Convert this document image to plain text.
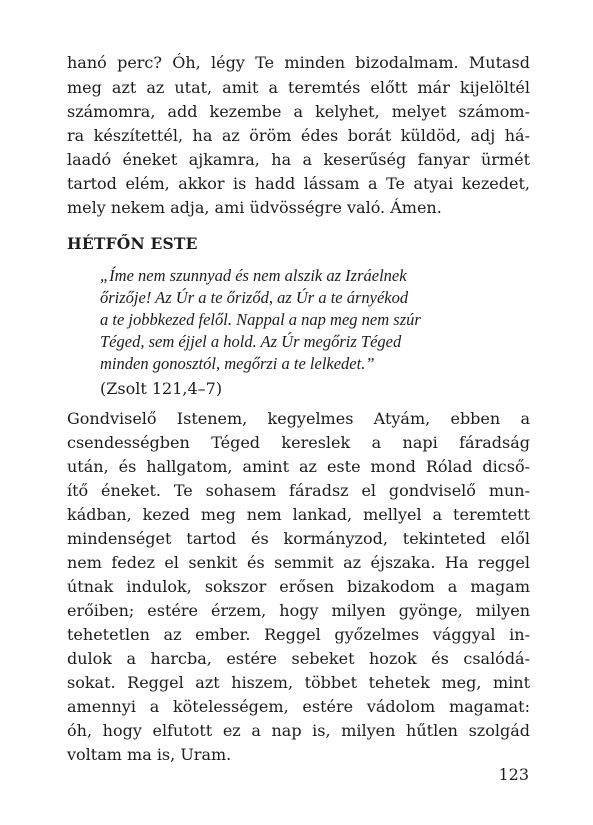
hanó perc? Óh, légy Te minden bizodalmam. Mutasd
meg azt az utat, amit a teremtés előtt már kijelöltél
számomra, add kezembe a kelyhet, melyet számom-
ra készítettél, ha az öröm édes borát küldöd, adj há-
laadó éneket ajkamra, ha a keserűség fanyar ürmét
tartod elém, akkor is hadd lássam a Te atyai kezedet,
mely nekem adja, ami üdvösségre való. Ámen.
HÉTFŐN ESTE
„Íme nem szunnyad és nem alszik az Izráelnek
őrizője! Az Úr a te őriződ, az Úr a te árnyékod
a te jobbkezed felől. Nappal a nap meg nem szúr
Téged, sem éjjel a hold. Az Úr megőriz Téged
minden gonosztól, megőrzi a te lelkedet.”
(Zsolt 121,4–7)
Gondviselő Istenem, kegyelmes Atyám, ebben a
csendességben Téged kereslek a napi fáradság
után, és hallgatom, amint az este mond Rólad dicső-
ítő éneket. Te sohasem fáradsz el gondviselő mun-
kádban, kezed meg nem lankad, mellyel a teremtett
mindenséget tartod és kormányzod, tekinteted elől
nem fedez el senkit és semmit az éjszaka. Ha reggel
útnak indulok, sokszor erősen bizakodom a magam
erőiben; estére érzem, hogy milyen gyönge, milyen
tehetetlen az ember. Reggel győzelmes vággyal in-
dulok a harcba, estére sebeket hozok és csalódá-
sokat. Reggel azt hiszem, többet tehetek meg, mint
amennyi a kötelességem, estére vádolom magamat:
óh, hogy elfutott ez a nap is, milyen hűtlen szolgád
voltam ma is, Uram.
123
